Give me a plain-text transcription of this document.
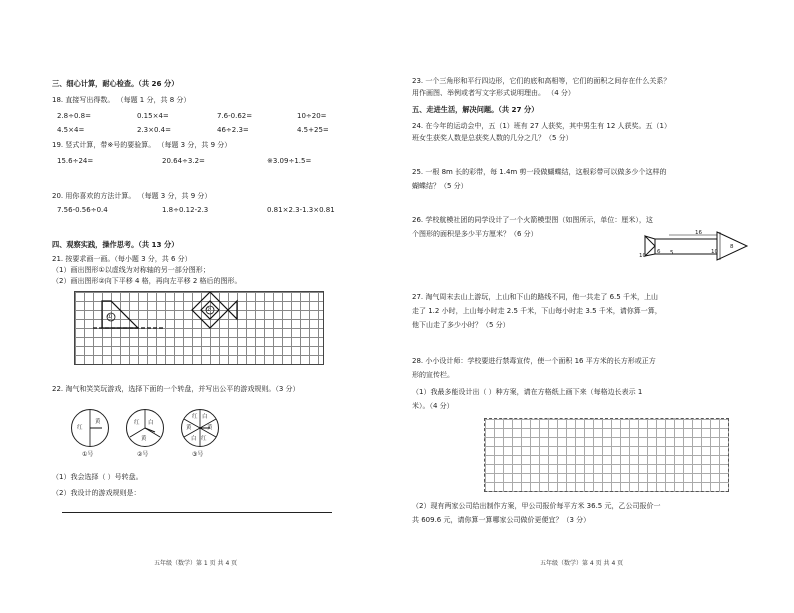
三、细心计算，耐心检查。（共 26 分）
18. 直接写出得数。 （每题 1 分，共 8 分）
2.8÷0.8=	0.15×4=	7.6-0.62=	10÷20=
4.5×4=	2.3×0.4=	46÷2.3=	4.5+25=
19. 竖式计算，带※号的要验算。 （每题 3 分，共 9 分）
15.6÷24=	20.64÷3.2=	※3.09÷1.5=
20. 用你喜欢的方法计算。 （每题 3 分，共 9 分）
7.56-0.56÷0.4	1.8÷0.12-2.3	0.81×2.3-1.3×0.81
四、观察实践，操作思考。（共 13 分）
21. 按要求画一画。（每小题 3 分，共 6 分）
（1）画出图形①以虚线为对称轴的另一部分图形；
（2）画出图形②向下平移 4 格，再向左平移 2 格后的图形。
①
②
22. 淘气和笑笑玩游戏，选择下面的一个转盘，并写出公平的游戏规则。（3 分）
红
黄	红 白
黄
红 白
黄
红
白
黄
①号	②号	③号
（1）我会选择（ ）号转盘。
（2）我设计的游戏规则是：
五年级（数学）第 1 页 共 4 页
23. 一个三角形和平行四边形，它们的底和高相等，它们的面积之间存在什么关系？
用作画图、举例或者写文字形式说明理由。 （4 分）
五、走进生活，解决问题。（共 27 分）
24. 在今年的运动会中，五（1）班有 27 人获奖，其中男生有 12 人获奖。五（1）
班女生获奖人数是总获奖人数的几分之几？（5 分）
25. 一根 8m 长的彩带，每 1.4m 剪一段做蝴蝶结，这根彩带可以做多少个这样的
蝴蝶结？（5 分）
26. 学校航模社团的同学设计了一个火箭模型图（如图所示，单位：厘米），这
个图形的面积是多少平方厘米？（6 分）
10
6 5
16
10
8
27. 淘气周末去山上游玩，上山和下山的路线不同，他一共走了 6.5 千米，上山
走了 1.2 小时，上山每小时走 2.5 千米，下山每小时走 3.5 千米，请你算一算，
他下山走了多少小时？（5 分）
28. 小小设计师：学校要进行禁毒宣传，使一个面积 16 平方米的长方形或正方
形的宣传栏。
（1）我最多能设计出（ ）种方案，请在方格纸上画下来（每格边长表示 1
米）。（4 分）
（2）现有两家公司给出制作方案，甲公司报价每平方米 36.5 元，乙公司报价一
共 609.6 元，请你算一算哪家公司做价更便宜？（3 分）
五年级（数学）第 4 页 共 4 页
